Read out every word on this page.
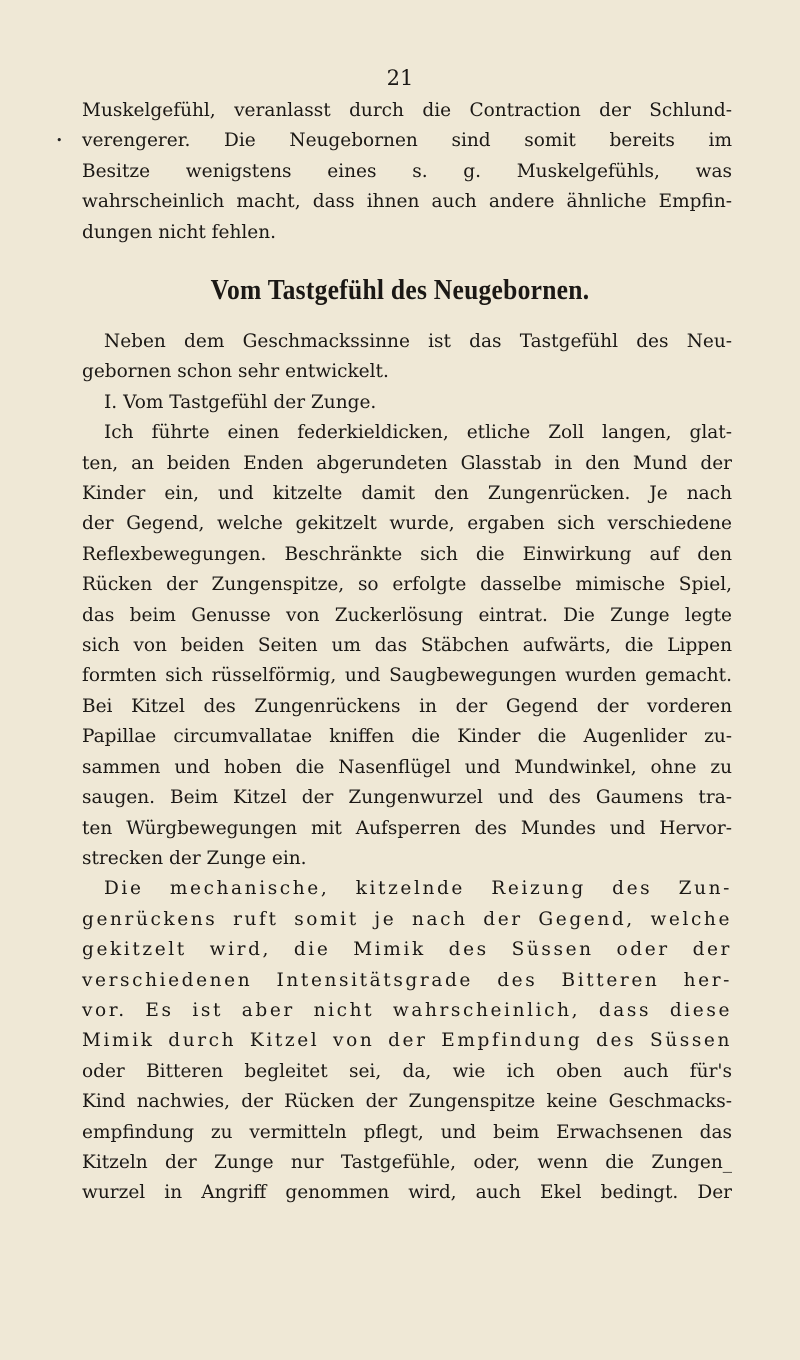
21
•
Muskelgefühl, veranlasst durch die Contraction der Schlund-
verengerer. Die Neugebornen sind somit bereits im
Besitze wenigstens eines s. g. Muskelgefühls, was
wahrscheinlich macht, dass ihnen auch andere ähnliche Empfin-
dungen nicht fehlen.
Vom Tastgefühl des Neugebornen.
Neben dem Geschmackssinne ist das Tastgefühl des Neu-
gebornen schon sehr entwickelt.
I. Vom Tastgefühl der Zunge.
Ich führte einen federkieldicken, etliche Zoll langen, glat-
ten, an beiden Enden abgerundeten Glasstab in den Mund der
Kinder ein, und kitzelte damit den Zungenrücken. Je nach
der Gegend, welche gekitzelt wurde, ergaben sich verschiedene
Reflexbewegungen. Beschränkte sich die Einwirkung auf den
Rücken der Zungenspitze, so erfolgte dasselbe mimische Spiel,
das beim Genusse von Zuckerlösung eintrat. Die Zunge legte
sich von beiden Seiten um das Stäbchen aufwärts, die Lippen
formten sich rüsselförmig, und Saugbewegungen wurden gemacht.
Bei Kitzel des Zungenrückens in der Gegend der vorderen
Papillae circumvallatae kniffen die Kinder die Augenlider zu-
sammen und hoben die Nasenflügel und Mundwinkel, ohne zu
saugen. Beim Kitzel der Zungenwurzel und des Gaumens tra-
ten Würgbewegungen mit Aufsperren des Mundes und Hervor-
strecken der Zunge ein.
Die mechanische, kitzelnde Reizung des Zun-
genrückens ruft somit je nach der Gegend, welche
gekitzelt wird, die Mimik des Süssen oder der
verschiedenen Intensitätsgrade des Bitteren her-
vor. Es ist aber nicht wahrscheinlich, dass diese
Mimik durch Kitzel von der Empfindung des Süssen
oder Bitteren begleitet sei, da, wie ich oben auch für's
Kind nachwies, der Rücken der Zungenspitze keine Geschmacks-
empfindung zu vermitteln pflegt, und beim Erwachsenen das
Kitzeln der Zunge nur Tastgefühle, oder, wenn die Zungen_
wurzel in Angriff genommen wird, auch Ekel bedingt. Der
